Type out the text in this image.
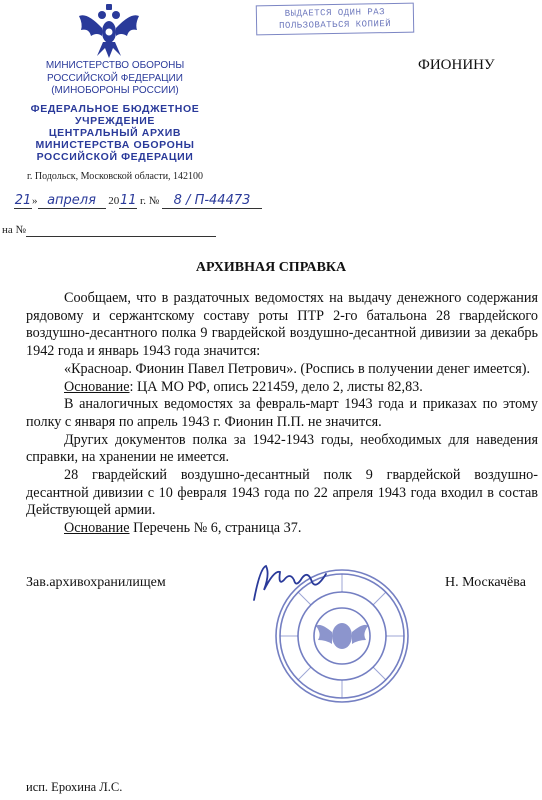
МИНИСТЕРСТВО ОБОРОНЫ
РОССИЙСКОЙ ФЕДЕРАЦИИ
(МИНОБОРОНЫ РОССИИ)
ФЕДЕРАЛЬНОЕ БЮДЖЕТНОЕ
УЧРЕЖДЕНИЕ
ЦЕНТРАЛЬНЫЙ АРХИВ
МИНИСТЕРСТВА ОБОРОНЫ
РОССИЙСКОЙ ФЕДЕРАЦИИ
г. Подольск, Московской области, 142100
ВЫДАЕТСЯ ОДИН РАЗ
ПОЛЬЗОВАТЬСЯ КОПИЕЙ
ФИОНИНУ
21» апреля 2011 г. № 8 / П-44473
на №
АРХИВНАЯ СПРАВКА

Сообщаем, что в раздаточных ведомостях на выдачу денежного содержания рядовому и сержантскому составу роты ПТР 2-го батальона 28 гвардейского воздушно-десантного полка 9 гвардейской воздушно-десантной дивизии за декабрь 1942 года и январь 1943 года значится:

«Красноар. Фионин Павел Петрович». (Роспись в получении денег имеется).

Основание: ЦА МО РФ, опись 221459, дело 2, листы 82,83.

В аналогичных ведомостях за февраль-март 1943 года и приказах по этому полку с января по апрель 1943 г. Фионин П.П. не значится.

Других документов полка за 1942-1943 годы, необходимых для наведения справки, на хранении не имеется.

28 гвардейский воздушно-десантный полк 9 гвардейской воздушно-десантной дивизии с 10 февраля 1943 года по 22 апреля 1943 года входил в состав Действующей армии.

Основание Перечень № 6, страница 37.

Зав.архивохранилищем	Н. Москачёва
исп. Ерохина Л.С.
